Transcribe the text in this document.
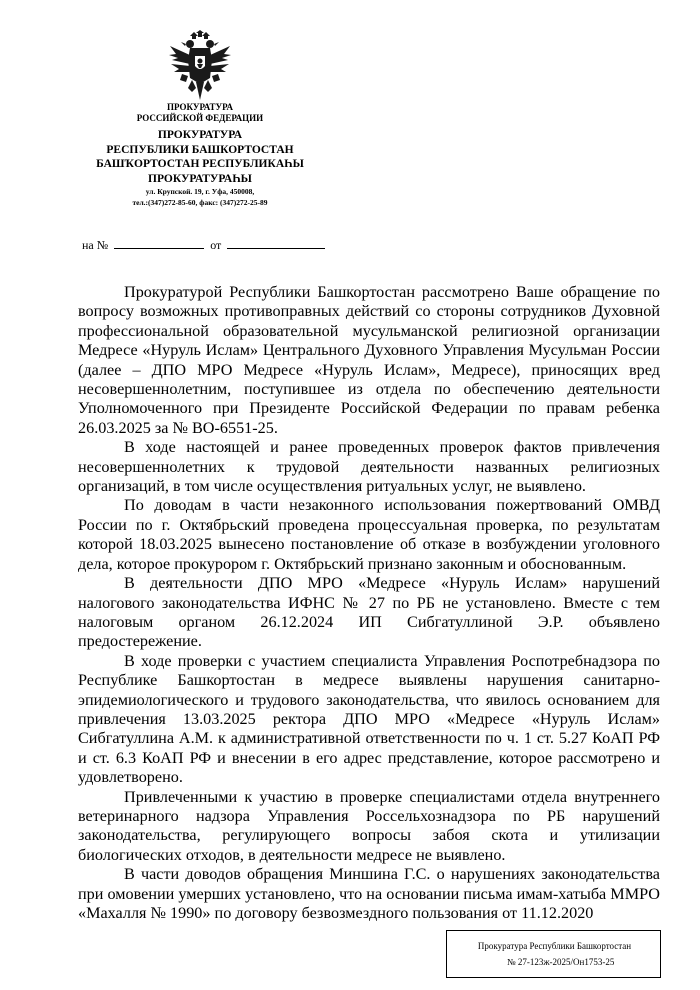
ПРОКУРАТУРА
РОССИЙСКОЙ ФЕДЕРАЦИИ
ПРОКУРАТУРА
РЕСПУБЛИКИ БАШКОРТОСТАН
БАШҠОРТОСТАН РЕСПУБЛИКАҺЫ
ПРОКУРАТУРАҺЫ
ул. Крупской. 19, г. Уфа, 450008,
тел.:(347)272-85-60, факс: (347)272-25-89
на №	от

Прокуратурой Республики Башкортостан рассмотрено Ваше обращение по вопросу возможных противоправных действий со стороны сотрудников Духовной профессиональной образовательной мусульманской религиозной организации Медресе «Нуруль Ислам» Центрального Духовного Управления Мусульман России (далее – ДПО МРО Медресе «Нуруль Ислам», Медресе), приносящих вред несовершеннолетним, поступившее из отдела по обеспечению деятельности Уполномоченного при Президенте Российской Федерации по правам ребенка 26.03.2025 за № ВО-6551-25.

В ходе настоящей и ранее проведенных проверок фактов привлечения несовершеннолетних к трудовой деятельности названных религиозных организаций, в том числе осуществления ритуальных услуг, не выявлено.

По доводам в части незаконного использования пожертвований ОМВД России по г. Октябрьский проведена процессуальная проверка, по результатам которой 18.03.2025 вынесено постановление об отказе в возбуждении уголовного дела, которое прокурором г. Октябрьский признано законным и обоснованным.

В деятельности ДПО МРО «Медресе «Нуруль Ислам» нарушений налогового законодательства ИФНС № 27 по РБ не установлено. Вместе с тем налоговым органом 26.12.2024 ИП Сибгатуллиной Э.Р. объявлено предостережение.

В ходе проверки с участием специалиста Управления Роспотребнадзора по Республике Башкортостан в медресе выявлены нарушения санитарно-эпидемиологического и трудового законодательства, что явилось основанием для привлечения 13.03.2025 ректора ДПО МРО «Медресе «Нуруль Ислам» Сибгатуллина А.М. к административной ответственности по ч. 1 ст. 5.27 КоАП РФ и ст. 6.3 КоАП РФ и внесении в его адрес представление, которое рассмотрено и удовлетворено.

Привлеченными к участию в проверке специалистами отдела внутреннего ветеринарного надзора Управления Россельхознадзора по РБ нарушений законодательства, регулирующего вопросы забоя скота и утилизации биологических отходов, в деятельности медресе не выявлено.

В части доводов обращения Миншина Г.С. о нарушениях законодательства при омовении умерших установлено, что на основании письма имам-хатыба ММРО «Махалля № 1990» по договору безвозмездного пользования от 11.12.2020

Прокуратура Республики Башкортостан
№ 27-123ж-2025/Он1753-25
